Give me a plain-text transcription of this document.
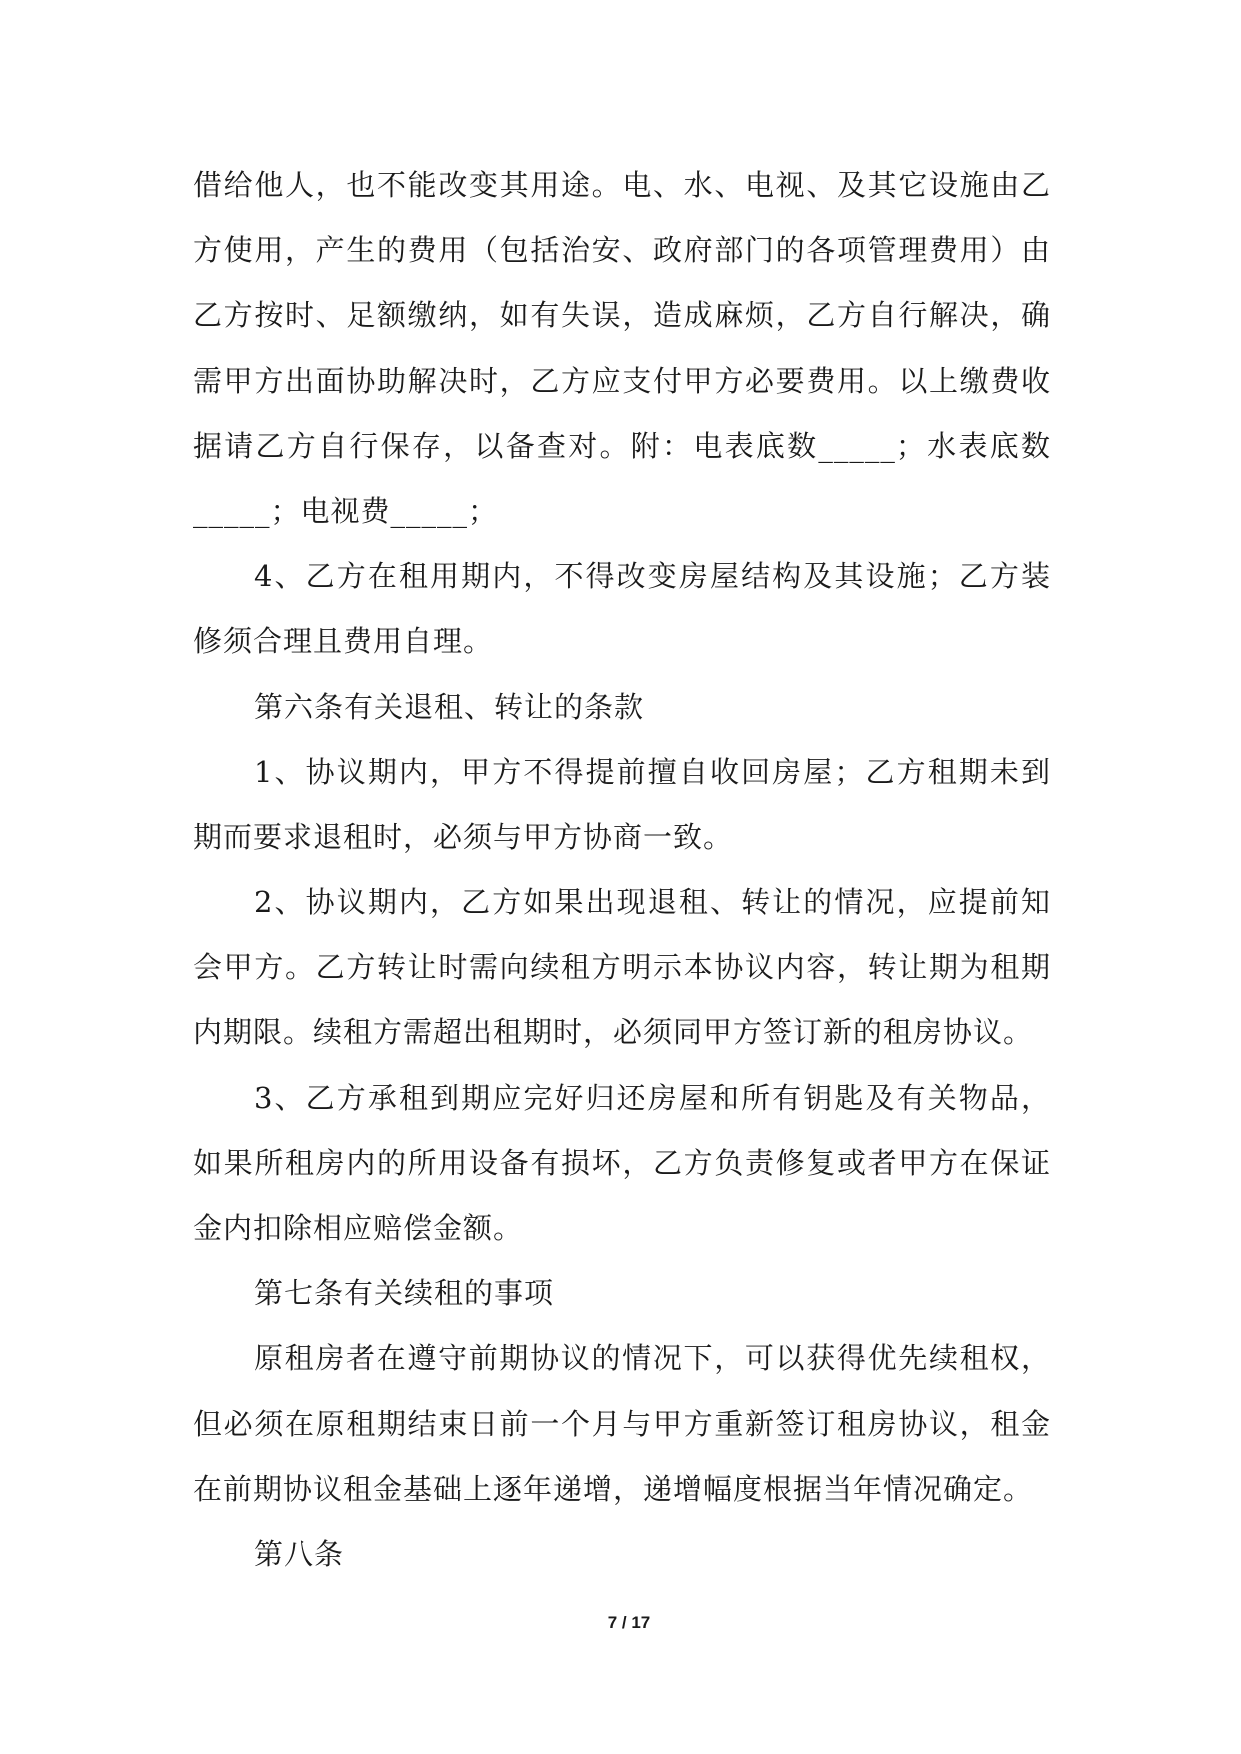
借给他人，也不能改变其用途。电、水、电视、及其它设施由乙
方使用，产生的费用（包括治安、政府部门的各项管理费用）由
乙方按时、足额缴纳，如有失误，造成麻烦，乙方自行解决，确
需甲方出面协助解决时，乙方应支付甲方必要费用。以上缴费收
据请乙方自行保存，以备查对。附：电表底数_____；水表底数
_____；电视费_____；
4、乙方在租用期内，不得改变房屋结构及其设施；乙方装
修须合理且费用自理。
第六条有关退租、转让的条款
1、协议期内，甲方不得提前擅自收回房屋；乙方租期未到
期而要求退租时，必须与甲方协商一致。
2、协议期内，乙方如果出现退租、转让的情况，应提前知
会甲方。乙方转让时需向续租方明示本协议内容，转让期为租期
内期限。续租方需超出租期时，必须同甲方签订新的租房协议。
3、乙方承租到期应完好归还房屋和所有钥匙及有关物品，
如果所租房内的所用设备有损坏，乙方负责修复或者甲方在保证
金内扣除相应赔偿金额。
第七条有关续租的事项
原租房者在遵守前期协议的情况下，可以获得优先续租权，
但必须在原租期结束日前一个月与甲方重新签订租房协议，租金
在前期协议租金基础上逐年递增，递增幅度根据当年情况确定。
第八条
7 / 17
